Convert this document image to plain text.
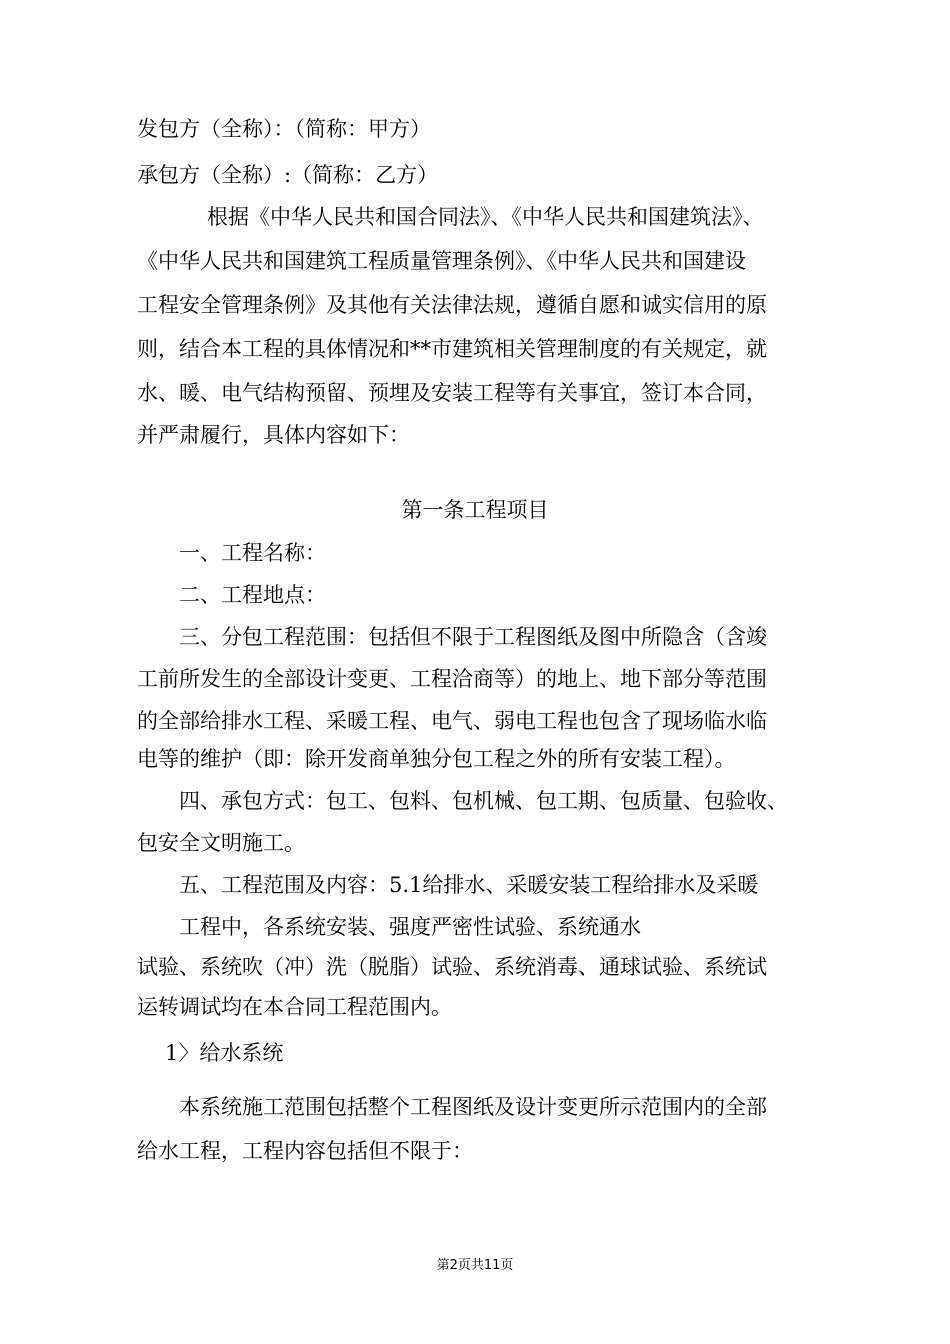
发包方（全称）：（简称：甲方）
承包方（全称）:（简称：乙方）
根据《中华人民共和国合同法》、《中华人民共和国建筑法》、
《中华人民共和国建筑工程质量管理条例》、《中华人民共和国建设
工程安全管理条例》及其他有关法律法规，遵循自愿和诚实信用的原
则，结合本工程的具体情况和**市建筑相关管理制度的有关规定，就
水、暖、电气结构预留、预埋及安装工程等有关事宜，签订本合同，
并严肃履行，具体内容如下：
第一条工程项目
一、工程名称：
二、工程地点：
三、分包工程范围：包括但不限于工程图纸及图中所隐含（含竣
工前所发生的全部设计变更、工程洽商等）的地上、地下部分等范围
的全部给排水工程、采暖工程、电气、弱电工程也包含了现场临水临
电等的维护（即：除开发商单独分包工程之外的所有安装工程）。
四、承包方式：包工、包料、包机械、包工期、包质量、包验收、
包安全文明施工。
五、工程范围及内容：5.1给排水、采暖安装工程给排水及采暖
工程中，各系统安装、强度严密性试验、系统通水
试验、系统吹（冲）洗（脱脂）试验、系统消毒、通球试验、系统试
运转调试均在本合同工程范围内。
1〉给水系统
本系统施工范围包括整个工程图纸及设计变更所示范围内的全部
给水工程，工程内容包括但不限于：
第2页共11页
